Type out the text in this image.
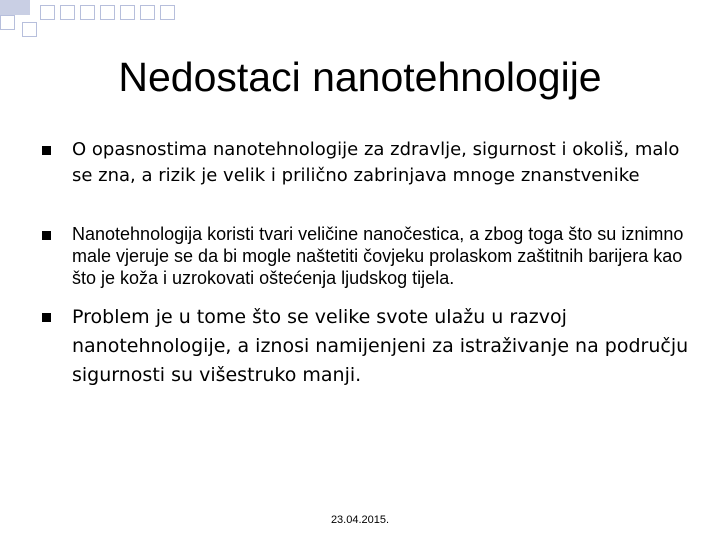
Nedostaci nanotehnologije
O opasnostima nanotehnologije za zdravlje, sigurnost i okoliš, malo se zna, a rizik je velik i prilično zabrinjava mnoge znanstvenike
Nanotehnologija koristi tvari veličine nanočestica, a zbog toga što su iznimno male vjeruje se da bi mogle naštetiti čovjeku prolaskom zaštitnih barijera kao što je koža i uzrokovati oštećenja ljudskog tijela.
Problem je u tome što se velike svote ulažu u razvoj nanotehnologije, a iznosi namijenjeni za istraživanje na području sigurnosti su višestruko manji.
23.04.2015.
